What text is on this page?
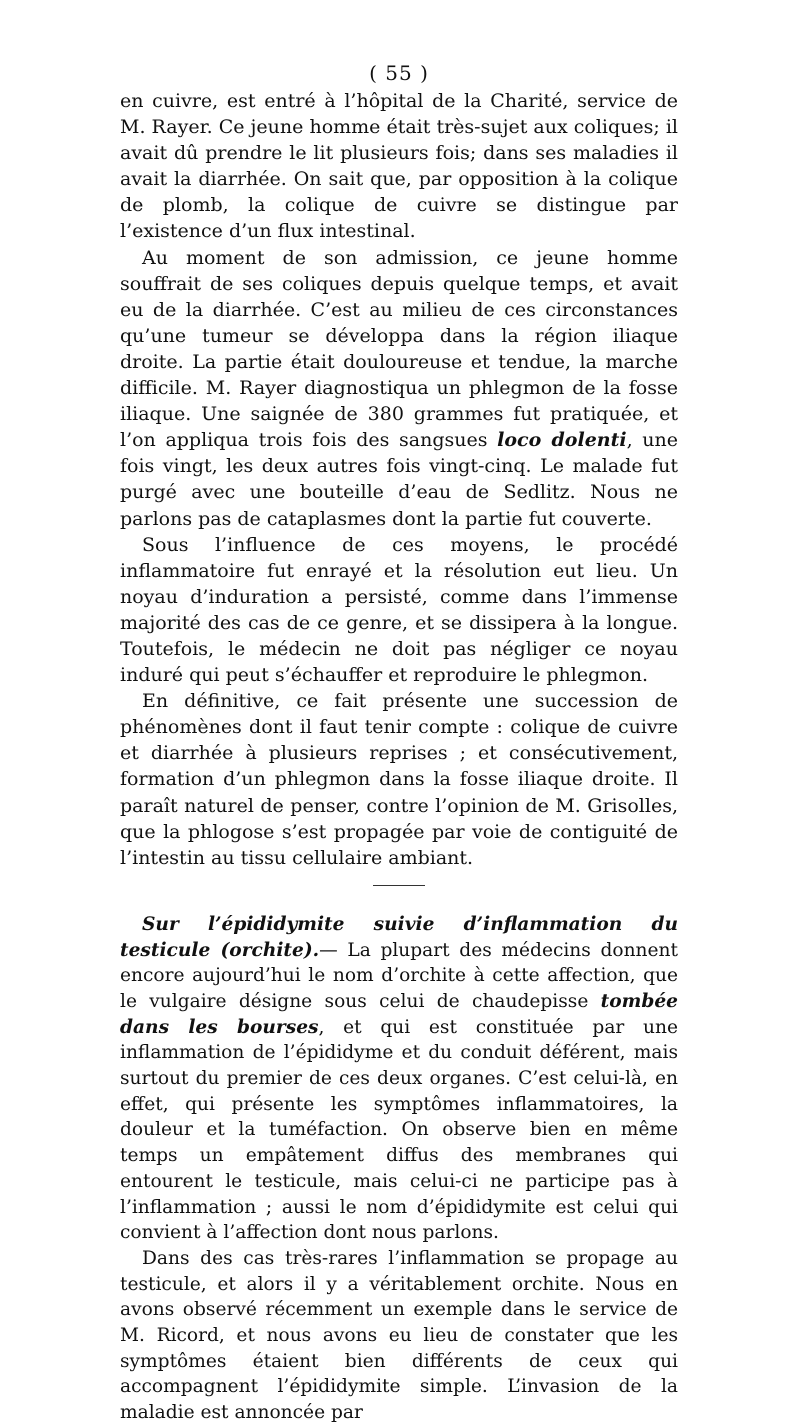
( 55 )

en cuivre, est entré à l’hôpital de la Charité, service de M. Rayer. Ce jeune homme était très-sujet aux coliques; il avait dû prendre le lit plusieurs fois; dans ses maladies il avait la diarrhée. On sait que, par opposition à la colique de plomb, la colique de cuivre se distingue par l’existence d’un flux intestinal.

Au moment de son admission, ce jeune homme souffrait de ses coliques depuis quelque temps, et avait eu de la diarrhée. C’est au milieu de ces circonstances qu’une tumeur se développa dans la région iliaque droite. La partie était douloureuse et tendue, la marche difficile. M. Rayer diagnostiqua un phlegmon de la fosse iliaque. Une saignée de 380 grammes fut pratiquée, et l’on appliqua trois fois des sangsues loco dolenti, une fois vingt, les deux autres fois vingt-cinq. Le malade fut purgé avec une bouteille d’eau de Sedlitz. Nous ne parlons pas de cataplasmes dont la partie fut couverte.

Sous l’influence de ces moyens, le procédé inflammatoire fut enrayé et la résolution eut lieu. Un noyau d’induration a persisté, comme dans l’immense majorité des cas de ce genre, et se dissipera à la longue. Toutefois, le médecin ne doit pas négliger ce noyau induré qui peut s’échauffer et reproduire le phlegmon.

En définitive, ce fait présente une succession de phénomènes dont il faut tenir compte : colique de cuivre et diarrhée à plusieurs reprises ; et consécutivement, formation d’un phlegmon dans la fosse iliaque droite. Il paraît naturel de penser, contre l’opinion de M. Grisolles, que la phlogose s’est propagée par voie de contiguité de l’intestin au tissu cellulaire ambiant.

Sur l’épididymite suivie d’inflammation du testicule (orchite).— La plupart des médecins donnent encore aujourd’hui le nom d’orchite à cette affection, que le vulgaire désigne sous celui de chaudepisse tombée dans les bourses, et qui est constituée par une inflammation de l’épididyme et du conduit déférent, mais surtout du premier de ces deux organes. C’est celui-là, en effet, qui présente les symptômes inflammatoires, la douleur et la tuméfaction. On observe bien en même temps un empâtement diffus des membranes qui entourent le testicule, mais celui-ci ne participe pas à l’inflammation ; aussi le nom d’épididymite est celui qui convient à l’affection dont nous parlons.

Dans des cas très-rares l’inflammation se propage au testicule, et alors il y a véritablement orchite. Nous en avons observé récemment un exemple dans le service de M. Ricord, et nous avons eu lieu de constater que les symptômes étaient bien différents de ceux qui accompagnent l’épididymite simple. L’invasion de la maladie est annoncée par
